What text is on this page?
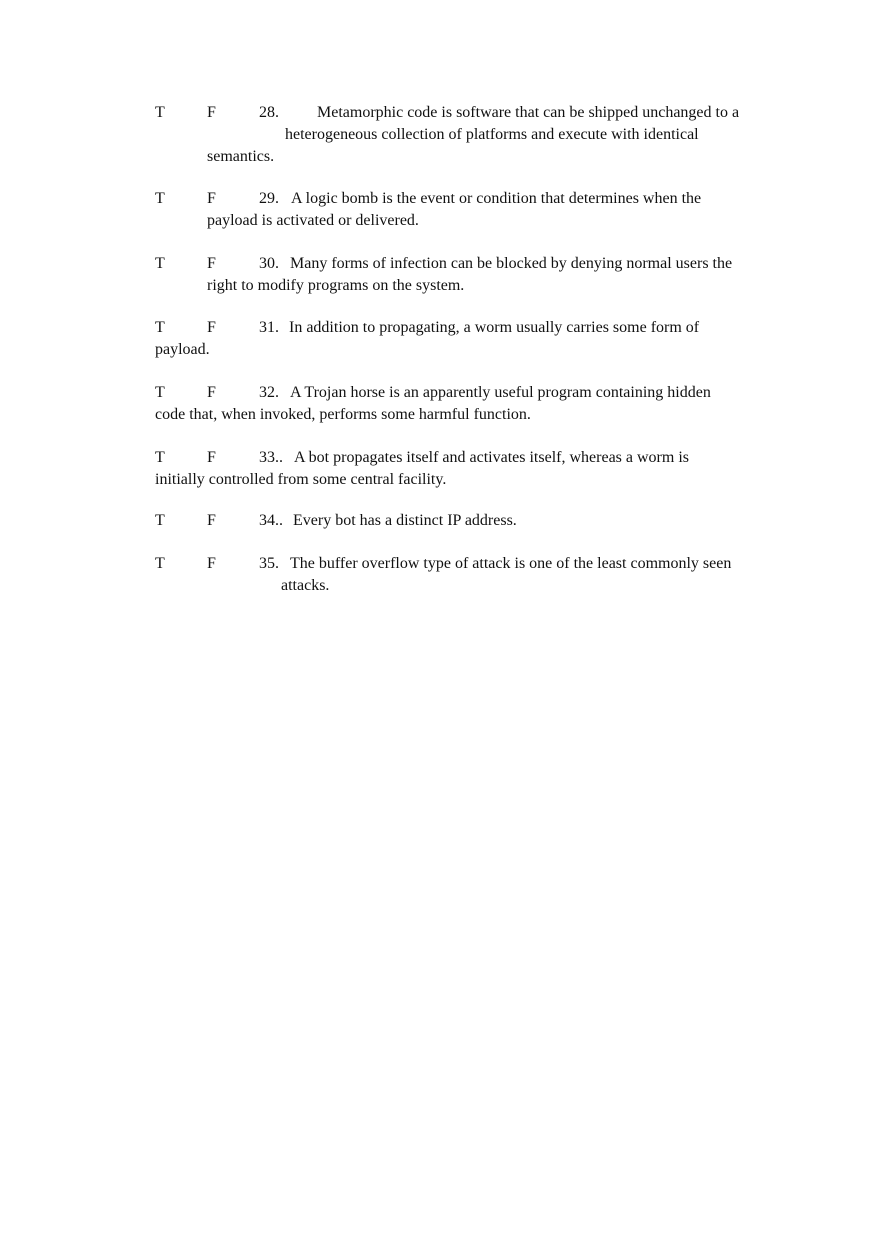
T	F	28. Metamorphic code is software that can be shipped unchanged to a
heterogeneous collection of platforms and execute with identical
semantics.
T	F	29. A logic bomb is the event or condition that determines when the
payload is activated or delivered.
T	F	30. Many forms of infection can be blocked by denying normal users the
right to modify programs on the system.
T	F	31. In addition to propagating, a worm usually carries some form of
payload.
T	F	32. A Trojan horse is an apparently useful program containing hidden
code that, when invoked, performs some harmful function.
T	F	33.. A bot propagates itself and activates itself, whereas a worm is
initially controlled from some central facility.
T	F	34.. Every bot has a distinct IP address.
T	F	35. The buffer overflow type of attack is one of the least commonly seen
attacks.
